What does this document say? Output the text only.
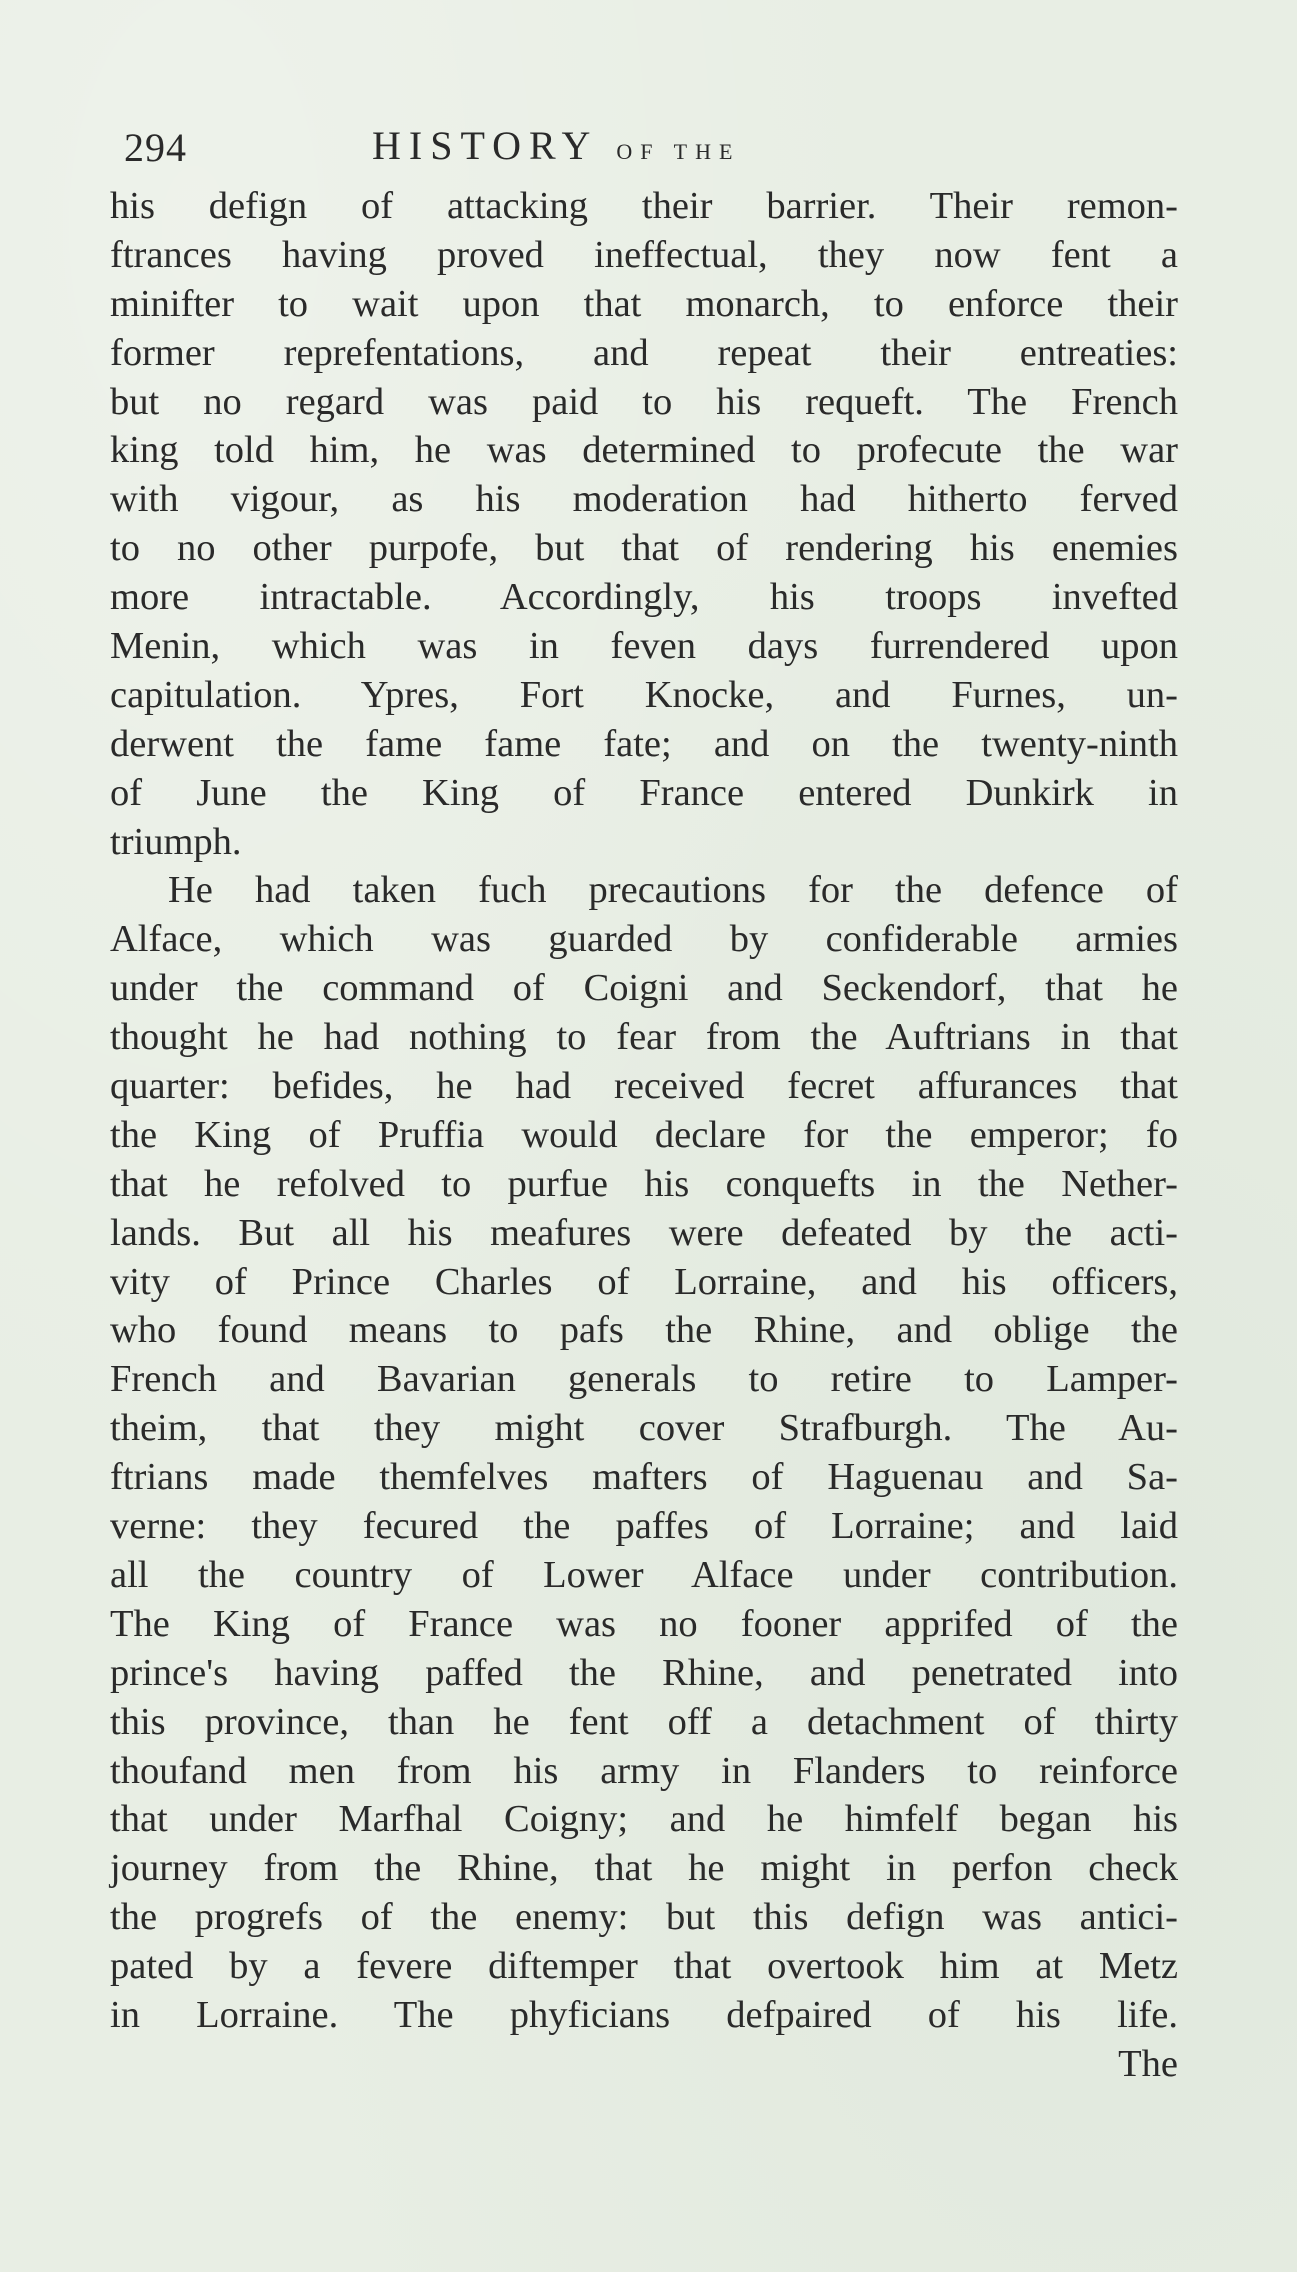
294	HISTORY OF THE
his defign of attacking their barrier. Their remon-
ftrances having proved ineffectual, they now fent a
minifter to wait upon that monarch, to enforce their
former reprefentations, and repeat their entreaties:
but no regard was paid to his requeft. The French
king told him, he was determined to profecute the war
with vigour, as his moderation had hitherto ferved
to no other purpofe, but that of rendering his enemies
more intractable. Accordingly, his troops invefted
Menin, which was in feven days furrendered upon
capitulation. Ypres, Fort Knocke, and Furnes, un-
derwent the fame fame fate; and on the twenty-ninth
of June the King of France entered Dunkirk in
triumph.
He had taken fuch precautions for the defence of
Alface, which was guarded by confiderable armies
under the command of Coigni and Seckendorf, that he
thought he had nothing to fear from the Auftrians in that
quarter: befides, he had received fecret affurances that
the King of Pruffia would declare for the emperor; fo
that he refolved to purfue his conquefts in the Nether-
lands. But all his meafures were defeated by the acti-
vity of Prince Charles of Lorraine, and his officers,
who found means to pafs the Rhine, and oblige the
French and Bavarian generals to retire to Lamper-
theim, that they might cover Strafburgh. The Au-
ftrians made themfelves mafters of Haguenau and Sa-
verne: they fecured the paffes of Lorraine; and laid
all the country of Lower Alface under contribution.
The King of France was no fooner apprifed of the
prince's having paffed the Rhine, and penetrated into
this province, than he fent off a detachment of thirty
thoufand men from his army in Flanders to reinforce
that under Marfhal Coigny; and he himfelf began his
journey from the Rhine, that he might in perfon check
the progrefs of the enemy: but this defign was antici-
pated by a fevere diftemper that overtook him at Metz
in Lorraine. The phyficians defpaired of his life.
The
